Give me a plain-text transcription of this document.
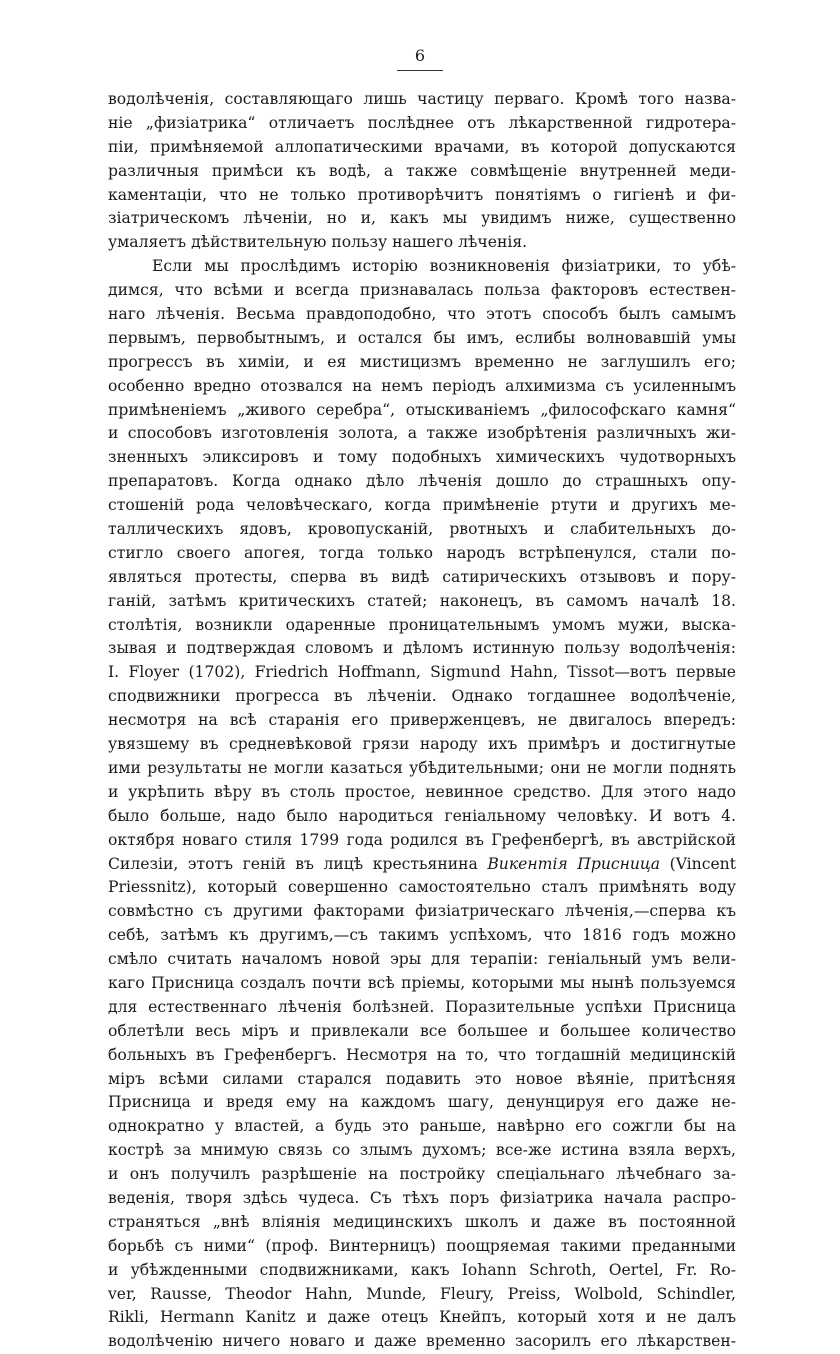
6
водолѣченія, составляющаго лишь частицу перваго. Кромѣ того назва-
ніе „физіатрика“ отличаетъ послѣднее отъ лѣкарственной гидротера-
піи, примѣняемой аллопатическими врачами, въ которой допускаются
различныя примѣси къ водѣ, а также совмѣщеніе внутренней меди-
каментаціи, что не только противорѣчитъ понятіямъ о гигіенѣ и фи-
зіатрическомъ лѣченіи, но и, какъ мы увидимъ ниже, существенно
умаляетъ дѣйствительную пользу нашего лѣченія.
Если мы прослѣдимъ исторію возникновенія физіатрики, то убѣ-
димся, что всѣми и всегда признавалась польза факторовъ естествен-
наго лѣченія. Весьма правдоподобно, что этотъ способъ былъ самымъ
первымъ, первобытнымъ, и остался бы имъ, еслибы волновавшій умы
прогрессъ въ химіи, и ея мистицизмъ временно не заглушилъ его;
особенно вредно отозвался на немъ періодъ алхимизма съ усиленнымъ
примѣненіемъ „живого серебра“, отыскиваніемъ „философскаго камня“
и способовъ изготовленія золота, а также изобрѣтенія различныхъ жи-
зненныхъ эликсировъ и тому подобныхъ химическихъ чудотворныхъ
препаратовъ. Когда однако дѣло лѣченія дошло до страшныхъ опу-
стошеній рода человѣческаго, когда примѣненіе ртути и другихъ ме-
таллическихъ ядовъ, кровопусканій, рвотныхъ и слабительныхъ до-
стигло своего апогея, тогда только народъ встрѣпенулся, стали по-
являться протесты, сперва въ видѣ сатирическихъ отзывовъ и пору-
ганій, затѣмъ критическихъ статей; наконецъ, въ самомъ началѣ 18.
столѣтія, возникли одаренные проницательнымъ умомъ мужи, выска-
зывая и подтверждая словомъ и дѣломъ истинную пользу водолѣченія:
I. Floyer (1702), Friedrich Hoffmann, Sigmund Hahn, Tissot—вотъ первые
сподвижники прогресса въ лѣченіи. Однако тогдашнее водолѣченіе,
несмотря на всѣ старанія его приверженцевъ, не двигалось впередъ:
увязшему въ средневѣковой грязи народу ихъ примѣръ и достигнутые
ими результаты не могли казаться убѣдительными; они не могли поднять
и укрѣпить вѣру въ столь простое, невинное средство. Для этого надо
было больше, надо было народиться геніальному человѣку. И вотъ 4.
октября новаго стиля 1799 года родился въ Грефенбергѣ, въ австрійской
Силезіи, этотъ геній въ лицѣ крестьянина Викентія Присница (Vincent
Priessnitz), который совершенно самостоятельно сталъ примѣнять воду
совмѣстно съ другими факторами физіатрическаго лѣченія,—сперва къ
себѣ, затѣмъ къ другимъ,—съ такимъ успѣхомъ, что 1816 годъ можно
смѣло считать началомъ новой эры для терапіи: геніальный умъ вели-
каго Присница создалъ почти всѣ пріемы, которыми мы нынѣ пользуемся
для естественнаго лѣченія болѣзней. Поразительные успѣхи Присница
облетѣли весь міръ и привлекали все большее и большее количество
больныхъ въ Грефенбергъ. Несмотря на то, что тогдашній медицинскій
міръ всѣми силами старался подавить это новое вѣяніе, притѣсняя
Присница и вредя ему на каждомъ шагу, денунцируя его даже не-
однократно у властей, а будь это раньше, навѣрно его сожгли бы на
кострѣ за мнимую связь со злымъ духомъ; все-же истина взяла верхъ,
и онъ получилъ разрѣшеніе на постройку спеціальнаго лѣчебнаго за-
веденія, творя здѣсь чудеса. Съ тѣхъ поръ физіатрика начала распро-
страняться „внѣ вліянія медицинскихъ школъ и даже въ постоянной
борьбѣ съ ними“ (проф. Винтерницъ) поощряемая такими преданными
и убѣжденными сподвижниками, какъ Iohann Schroth, Oertel, Fr. Ro-
ver, Rausse, Theodor Hahn, Munde, Fleury, Preiss, Wolbold, Schindler,
Rikli, Hermann Kanitz и даже отецъ Кнейпъ, который хотя и не далъ
водолѣченію ничего новаго и даже временно засорилъ его лѣкарствен-
